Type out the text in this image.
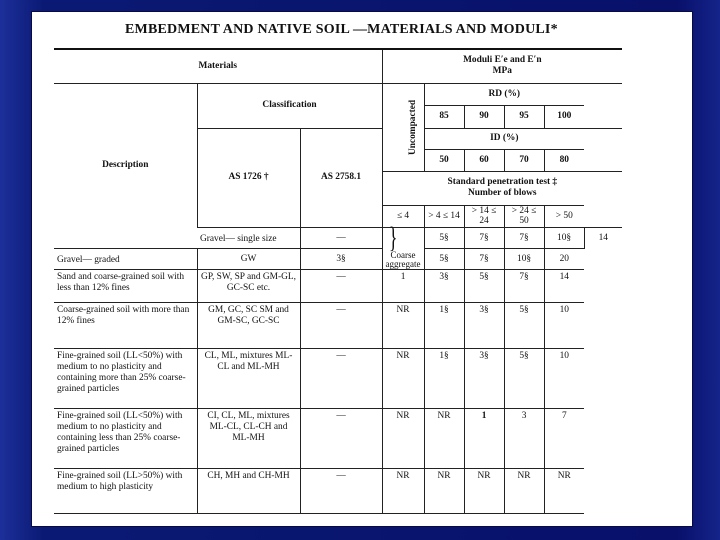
EMBEDMENT AND NATIVE SOIL —MATERIALS AND MODULI*
Materials			Moduli E′e and E′n
MPa					

Description	Classification		Uncompacted	RD (%)				
				85	90	95	100	
	AS 1726 †	AS 2758.1		ID (%)				
				50	60	70	80	

			Standard penetration test ‡
Number of blows					

			≤ 4	> 4 ≤ 14	> 14 ≤ 24	> 24 ≤ 50	> 50	
	Gravel— single size	—	} Coarse aggregate	5§	7§	7§	10§	14
Gravel— graded	GW	3§		5§	7§	10§	20	
Sand and coarse-grained soil with less than 12% fines	GP, SW, SP and GM-GL, GC-SC etc.	—	1	3§	5§	7§	14	
Coarse-grained soil with more than 12% fines	GM, GC, SC SM and GM-SC, GC-SC	—	NR	1§	3§	5§	10	
Fine-grained soil (LL<50%) with medium to no plasticity and containing more than 25% coarse-grained particles	CL, ML, mixtures ML-CL and ML-MH	—	NR	1§	3§	5§	10	
Fine-grained soil (LL<50%) with medium to no plasticity and containing less than 25% coarse-grained particles	CI, CL, ML, mixtures ML-CL, CL-CH and ML-MH	—	NR	NR	1	3	7	
Fine-grained soil (LL>50%) with medium to high plasticity	CH, MH and CH-MH	—	NR	NR	NR	NR	NR	
